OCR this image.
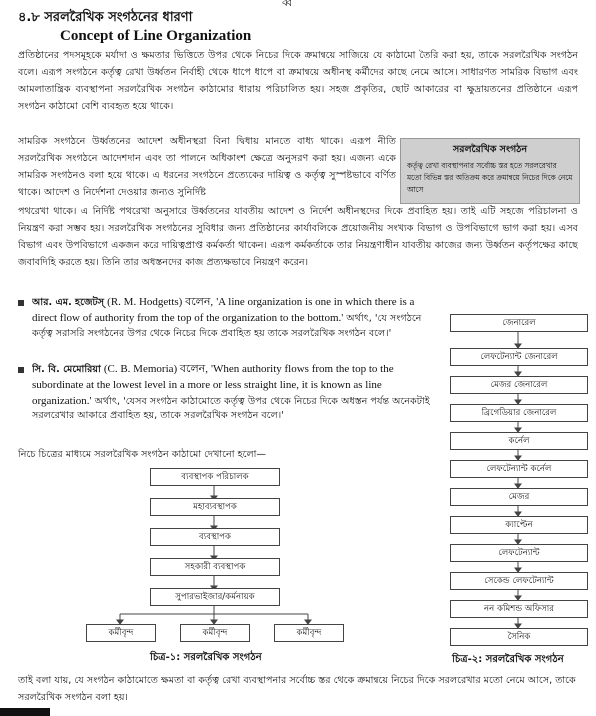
ব্ব
৪.৮ সরলরৈখিক সংগঠনের ধারণা
Concept of Line Organization
প্রতিষ্ঠানের পদসমূহকে মর্যাদা ও ক্ষমতার ভিত্তিতে উপর থেকে নিচের দিকে ক্রমান্বয়ে সাজিয়ে যে কাঠামো তৈরি করা হয়, তাকে সরলরৈখিক সংগঠন বলে। এরূপ সংগঠনে কর্তৃত্ব রেখা উর্ধ্বতন নির্বাহী থেকে ধাপে ধাপে বা ক্রমান্বয়ে অধীনস্থ কর্মীদের কাছে নেমে আসে। সাধারণত সামরিক বিভাগ এবং আমলাতান্ত্রিক ব্যবস্থাপনা সরলরৈখিক সংগঠন কাঠামোর ধারায় পরিচালিত হয়। সহজ প্রকৃতির, ছোট আকারের বা ক্ষুদ্রায়তনের প্রতিষ্ঠানে এরূপ সংগঠন কাঠামো বেশি ব্যবহৃত হয়ে থাকে।
সামরিক সংগঠনে উর্ধ্বতনের আদেশ অধীনস্থরা বিনা দ্বিধায় মানতে বাধ্য থাকে। এরূপ নীতি সরলরৈখিক সংগঠনে আদেশদান এবং তা পালনে অধিকাংশ ক্ষেত্রে অনুসরণ করা হয়। এজন্য একে সামরিক সংগঠনও বলা হয়ে থাকে। এ ধরনের সংগঠনে প্রত্যেকের দায়িত্ব ও কর্তৃত্ব সুস্পষ্টভাবে বর্ণিত থাকে। আদেশ ও নির্দেশনা দেওয়ার জন্যও সুনির্দিষ্ট
সরলরৈখিক সংগঠন
কর্তৃত্ব রেখা ব্যবস্থাপনার সর্বোচ্চ স্তর হতে সরলরেখার মতো বিভিন্ন স্তর অতিক্রম করে ক্রমান্বয়ে নিচের দিকে নেমে আসে
পথরেখা থাকে। এ নির্দিষ্ট পথরেখা অনুসারে উর্ধ্বতনের যাবতীয় আদেশ ও নির্দেশ অধীনস্থদের দিকে প্রবাহিত হয়। তাই এটি সহজে পরিচালনা ও নিয়ন্ত্রণ করা সম্ভব হয়। সরলরৈখিক সংগঠনের সুবিধার জন্য প্রতিষ্ঠানের কার্যাবলিকে প্রয়োজনীয় সংখ্যক বিভাগ ও উপবিভাগে ভাগ করা হয়। এসব বিভাগ এবং উপবিভাগে একজন করে দায়িত্বপ্রাপ্ত কর্মকর্তা থাকেন। এরূপ কর্মকর্তাকে তার নিয়ন্ত্রণাধীন যাবতীয় কাজের জন্য উর্ধ্বতন কর্তৃপক্ষের কাছে জবাবদিহি করতে হয়। তিনি তার অধস্তনদের কাজ প্রত্যক্ষভাবে নিয়ন্ত্রণ করেন।
আর. এম. হজেটস্ (R. M. Hodgetts) বলেন, 'A line organization is one in which there is a direct flow of authority from the top of the organization to the bottom.' অর্থাৎ, 'যে সংগঠনে কর্তৃত্ব সরাসরি সংগঠনের উপর থেকে নিচের দিকে প্রবাহিত হয় তাকে সরলরৈখিক সংগঠন বলে।'
সি. বি. মেমোরিয়া (C. B. Memoria) বলেন, 'When authority flows from the top to the subordinate at the lowest level in a more or less straight line, it is known as line organization.' অর্থাৎ, 'যেসব সংগঠন কাঠামোতে কর্তৃত্ব উপর থেকে নিচের দিকে অধস্তন পর্যন্ত অনেকটাই সরলরেখার আকারে প্রবাহিত হয়, তাকে সরলরৈখিক সংগঠন বলে।'
নিচে চিত্রের মাধ্যমে সরলরৈখিক সংগঠন কাঠামো দেখানো হলো—
ব্যবস্থাপক পরিচালক
মহাব্যবস্থাপক
ব্যবস্থাপক
সহকারী ব্যবস্থাপক
সুপারভাইজার/কর্মনায়ক
কর্মীবৃন্দ	কর্মীবৃন্দ	কর্মীবৃন্দ
চিত্র-১: সরলরৈখিক সংগঠন
জেনারেল
লেফটেন্যান্ট জেনারেল
মেজর জেনারেল
ব্রিগেডিয়ার জেনারেল
কর্নেল
লেফটেন্যান্ট কর্নেল
মেজর
ক্যাপ্টেন
লেফটেন্যান্ট
সেকেন্ড লেফটেন্যান্ট
নন কমিশন্ড অফিসার
সৈনিক
চিত্র-২: সরলরৈখিক সংগঠন
তাই বলা যায়, যে সংগঠন কাঠামোতে ক্ষমতা বা কর্তৃত্ব রেখা ব্যবস্থাপনার সর্বোচ্চ স্তর থেকে ক্রমান্বয়ে নিচের দিকে সরলরেখার মতো নেমে আসে, তাকে সরলরৈখিক সংগঠন বলা হয়।
